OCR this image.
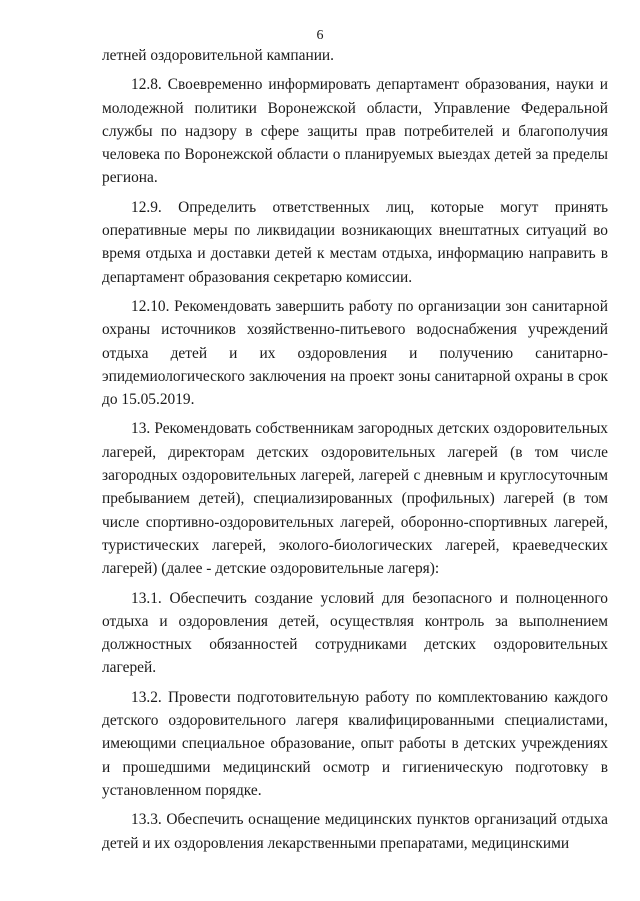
6

летней оздоровительной кампании.

12.8. Своевременно информировать департамент образования, науки и молодежной политики Воронежской области, Управление Федеральной службы по надзору в сфере защиты прав потребителей и благополучия человека по Воронежской области о планируемых выездах детей за пределы региона.

12.9. Определить ответственных лиц, которые могут принять оперативные меры по ликвидации возникающих внештатных ситуаций во время отдыха и доставки детей к местам отдыха, информацию направить в департамент образования секретарю комиссии.

12.10. Рекомендовать завершить работу по организации зон санитарной охраны источников хозяйственно-питьевого водоснабжения учреждений отдыха детей и их оздоровления и получению санитарно-эпидемиологического заключения на проект зоны санитарной охраны в срок до 15.05.2019.

13. Рекомендовать собственникам загородных детских оздоровительных лагерей, директорам детских оздоровительных лагерей (в том числе загородных оздоровительных лагерей, лагерей с дневным и круглосуточным пребыванием детей), специализированных (профильных) лагерей (в том числе спортивно-оздоровительных лагерей, оборонно-спортивных лагерей, туристических лагерей, эколого-биологических лагерей, краеведческих лагерей) (далее - детские оздоровительные лагеря):

13.1. Обеспечить создание условий для безопасного и полноценного отдыха и оздоровления детей, осуществляя контроль за выполнением должностных обязанностей сотрудниками детских оздоровительных лагерей.

13.2. Провести подготовительную работу по комплектованию каждого детского оздоровительного лагеря квалифицированными специалистами, имеющими специальное образование, опыт работы в детских учреждениях и прошедшими медицинский осмотр и гигиеническую подготовку в установленном порядке.

13.3. Обеспечить оснащение медицинских пунктов организаций отдыха детей и их оздоровления лекарственными препаратами, медицинскими
